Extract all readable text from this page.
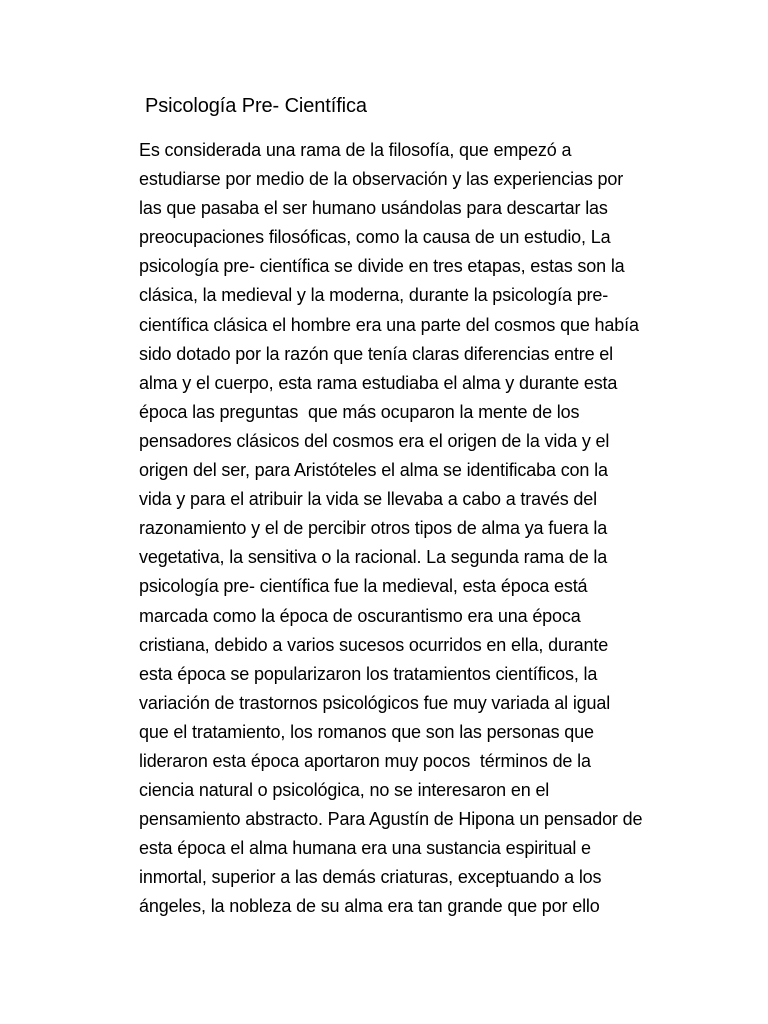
Psicología Pre- Científica
Es considerada una rama de la filosofía, que empezó a
estudiarse por medio de la observación y las experiencias por
las que pasaba el ser humano usándolas para descartar las
preocupaciones filosóficas, como la causa de un estudio, La
psicología pre- científica se divide en tres etapas, estas son la
clásica, la medieval y la moderna, durante la psicología pre-
científica clásica el hombre era una parte del cosmos que había
sido dotado por la razón que tenía claras diferencias entre el
alma y el cuerpo, esta rama estudiaba el alma y durante esta
época las preguntas  que más ocuparon la mente de los
pensadores clásicos del cosmos era el origen de la vida y el
origen del ser, para Aristóteles el alma se identificaba con la
vida y para el atribuir la vida se llevaba a cabo a través del
razonamiento y el de percibir otros tipos de alma ya fuera la
vegetativa, la sensitiva o la racional. La segunda rama de la
psicología pre- científica fue la medieval, esta época está
marcada como la época de oscurantismo era una época
cristiana, debido a varios sucesos ocurridos en ella, durante
esta época se popularizaron los tratamientos científicos, la
variación de trastornos psicológicos fue muy variada al igual
que el tratamiento, los romanos que son las personas que
lideraron esta época aportaron muy pocos  términos de la
ciencia natural o psicológica, no se interesaron en el
pensamiento abstracto. Para Agustín de Hipona un pensador de
esta época el alma humana era una sustancia espiritual e
inmortal, superior a las demás criaturas, exceptuando a los
ángeles, la nobleza de su alma era tan grande que por ello
